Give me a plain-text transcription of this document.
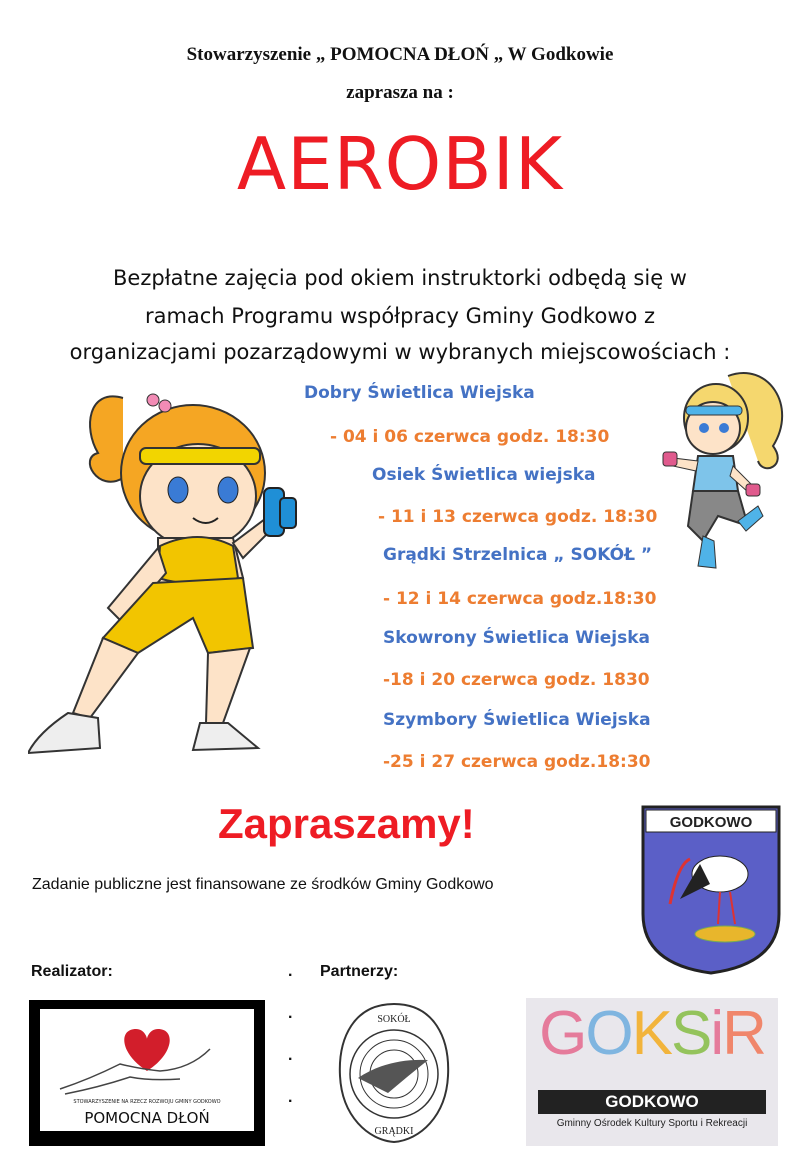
Stowarzyszenie „ POMOCNA DŁOŃ „ W Godkowie
zaprasza na :
AEROBIK
Bezpłatne zajęcia pod okiem instruktorki odbędą się w
ramach Programu współpracy Gminy Godkowo z
organizacjami pozarządowymi w wybranych miejscowościach :
Dobry Świetlica Wiejska
- 04 i 06 czerwca godz. 18:30
Osiek Świetlica wiejska
- 11 i 13 czerwca godz. 18:30
Grądki Strzelnica „ SOKÓŁ ”
- 12 i 14 czerwca godz.18:30
Skowrony Świetlica Wiejska
-18 i 20 czerwca godz. 1830
Szymbory Świetlica Wiejska
-25 i 27 czerwca godz.18:30
Zapraszamy!
Zadanie publiczne jest finansowane ze środków Gminy Godkowo
GODKOWO
Realizator:	. Partnerzy:
.
.
.
STOWARZYSZENIE NA RZECZ ROZWOJU GMINY GODKOWO
POMOCNA DŁOŃ
SOKÓŁ
GRĄDKI
GOKSiR
GODKOWO
Gminny Ośrodek Kultury Sportu i Rekreacji
